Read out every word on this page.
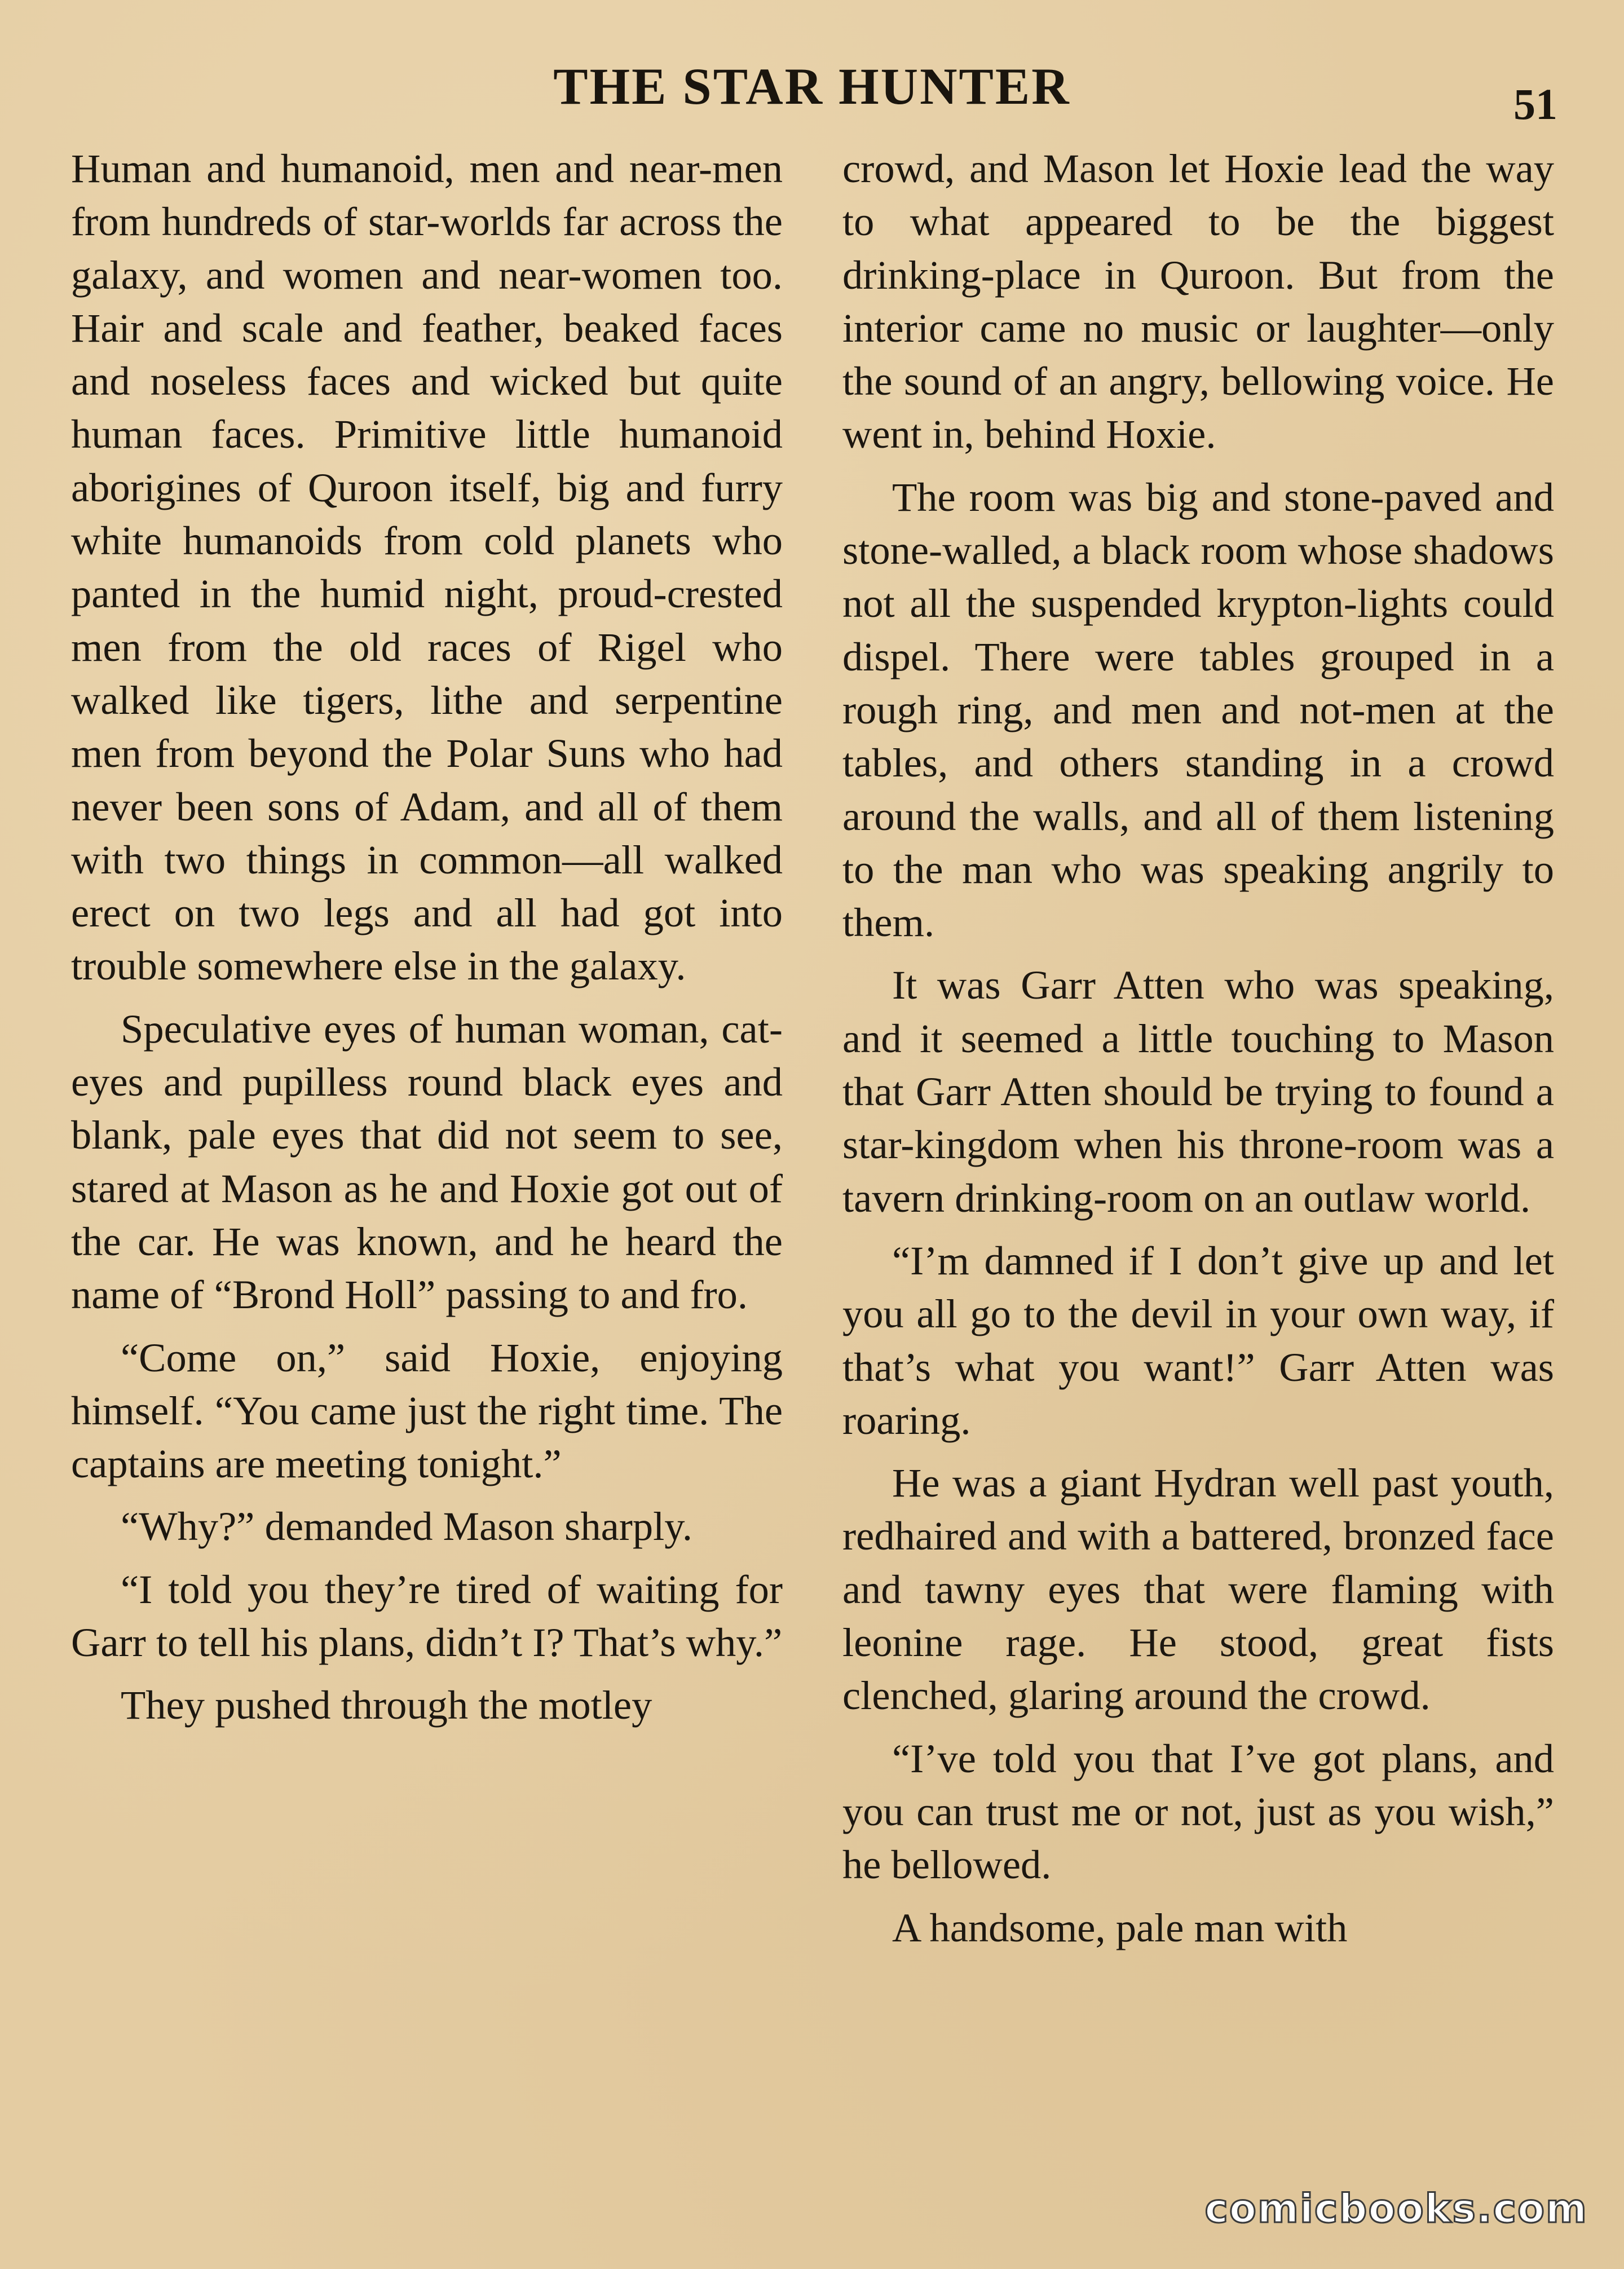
THE STAR HUNTER	51

Human and humanoid, men and near-men from hundreds of star-worlds far across the galaxy, and women and near-women too. Hair and scale and feather, beaked faces and noseless faces and wicked but quite human faces. Primitive little humanoid aborigines of Quroon itself, big and furry white humanoids from cold planets who panted in the humid night, proud-crested men from the old races of Rigel who walked like tigers, lithe and serpentine men from beyond the Polar Suns who had never been sons of Adam, and all of them with two things in common—all walked erect on two legs and all had got into trouble somewhere else in the galaxy.

Speculative eyes of human woman, cat-eyes and pupilless round black eyes and blank, pale eyes that did not seem to see, stared at Mason as he and Hoxie got out of the car. He was known, and he heard the name of “Brond Holl” passing to and fro.

“Come on,” said Hoxie, enjoying himself. “You came just the right time. The captains are meeting tonight.”

“Why?” demanded Mason sharply.

“I told you they’re tired of waiting for Garr to tell his plans, didn’t I? That’s why.”

They pushed through the motley

crowd, and Mason let Hoxie lead the way to what appeared to be the biggest drinking-place in Quroon. But from the interior came no music or laughter—only the sound of an angry, bellowing voice. He went in, behind Hoxie.

The room was big and stone-paved and stone-walled, a black room whose shadows not all the suspended krypton-lights could dispel. There were tables grouped in a rough ring, and men and not-men at the tables, and others standing in a crowd around the walls, and all of them listening to the man who was speaking angrily to them.

It was Garr Atten who was speaking, and it seemed a little touching to Mason that Garr Atten should be trying to found a star-kingdom when his throne-room was a tavern drinking-room on an outlaw world.

“I’m damned if I don’t give up and let you all go to the devil in your own way, if that’s what you want!” Garr Atten was roaring.

He was a giant Hydran well past youth, redhaired and with a battered, bronzed face and tawny eyes that were flaming with leonine rage. He stood, great fists clenched, glaring around the crowd.

“I’ve told you that I’ve got plans, and you can trust me or not, just as you wish,” he bellowed.

A handsome, pale man with

comicbooks.com
